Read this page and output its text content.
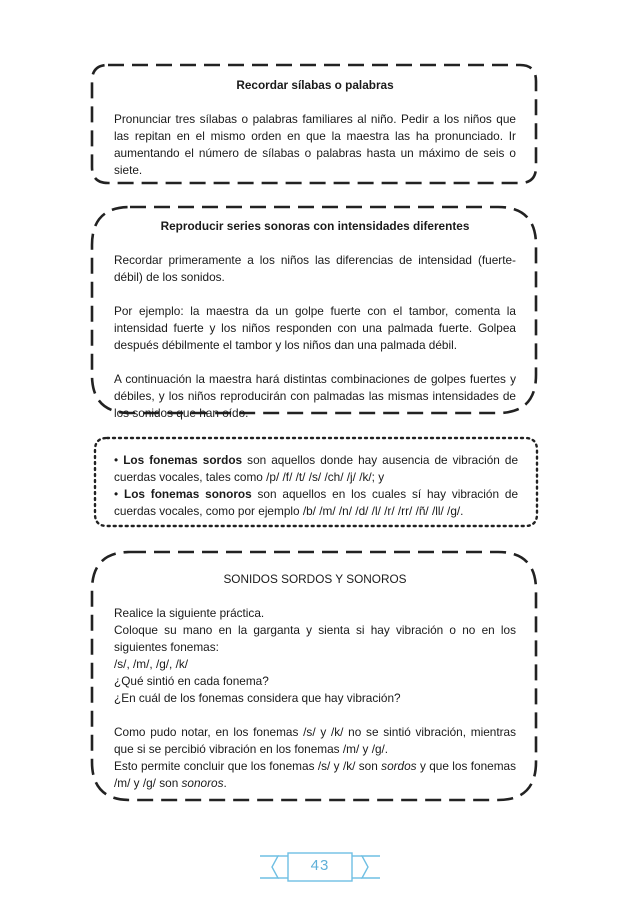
Recordar sílabas o palabras

Pronunciar tres sílabas o palabras familiares al niño. Pedir a los niños que las repitan en el mismo orden en que la maestra las ha pronunciado. Ir aumentando el número de sílabas o palabras hasta un máximo de seis o siete.

Reproducir series sonoras con intensidades diferentes

Recordar primeramente a los niños las diferencias de intensidad (fuerte-débil) de los sonidos.

Por ejemplo: la maestra da un golpe fuerte con el tambor, comenta la intensidad fuerte y los niños responden con una palmada fuerte. Golpea después débilmente el tambor y los niños dan una palmada débil.

A continuación la maestra hará distintas combinaciones de golpes fuertes y débiles, y los niños reproducirán con palmadas las mismas intensidades de los sonidos que han oído.

• Los fonemas sordos son aquellos donde hay ausencia de vibración de cuerdas vocales, tales como /p/ /f/ /t/ /s/ /ch/ /j/ /k/; y

• Los fonemas sonoros son aquellos en los cuales sí hay vibración de cuerdas vocales, como por ejemplo /b/ /m/ /n/ /d/ /l/ /r/ /rr/ /ñ/ /ll/ /g/.

SONIDOS SORDOS Y SONOROS

Realice la siguiente práctica.

Coloque su mano en la garganta y sienta si hay vibración o no en los siguientes fonemas:

/s/, /m/, /g/, /k/

¿Qué sintió en cada fonema?

¿En cuál de los fonemas considera que hay vibración?

Como pudo notar, en los fonemas /s/ y /k/ no se sintió vibración, mientras que si se percibió vibración en los fonemas /m/ y /g/.

Esto permite concluir que los fonemas /s/ y /k/ son sordos y que los fonemas /m/ y /g/ son sonoros.

43
